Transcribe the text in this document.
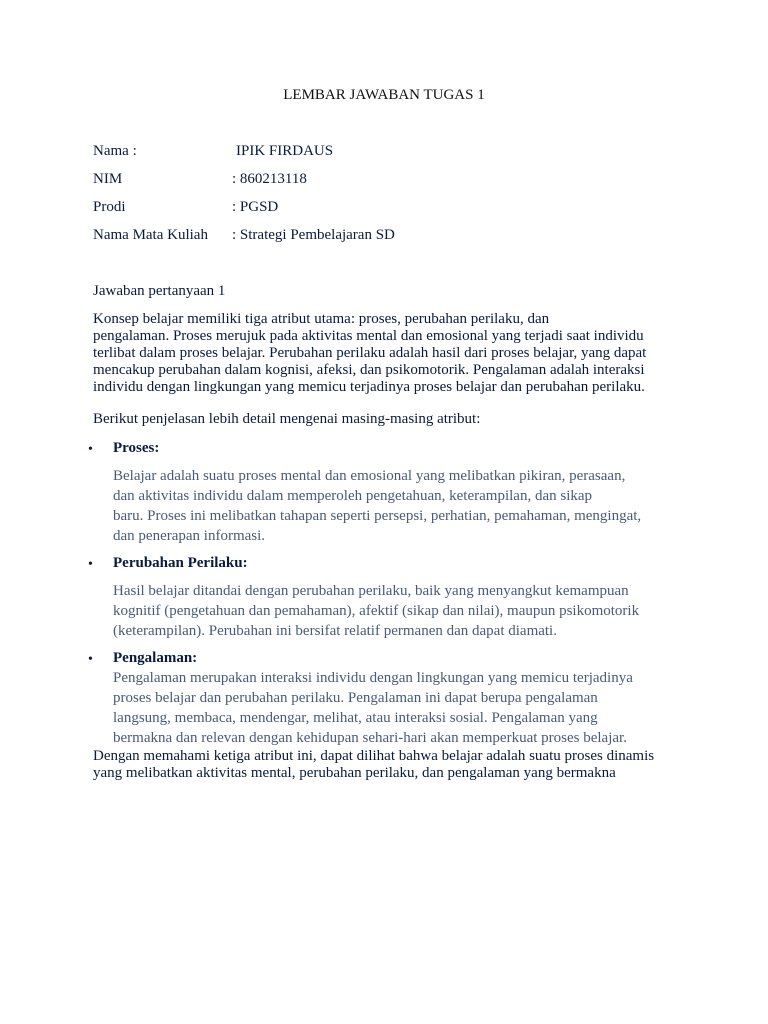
LEMBAR JAWABAN TUGAS 1
Nama :	IPIK FIRDAUS
NIM	: 860213118
Prodi	: PGSD
Nama Mata Kuliah : Strategi Pembelajaran SD
Jawaban pertanyaan 1

Konsep belajar memiliki tiga atribut utama: proses, perubahan perilaku, dan

pengalaman. Proses merujuk pada aktivitas mental dan emosional yang terjadi saat individu

terlibat dalam proses belajar. Perubahan perilaku adalah hasil dari proses belajar, yang dapat

mencakup perubahan dalam kognisi, afeksi, dan psikomotorik. Pengalaman adalah interaksi

individu dengan lingkungan yang memicu terjadinya proses belajar dan perubahan perilaku.

Berikut penjelasan lebih detail mengenai masing-masing atribut:
• Proses:

Belajar adalah suatu proses mental dan emosional yang melibatkan pikiran, perasaan,

dan aktivitas individu dalam memperoleh pengetahuan, keterampilan, dan sikap

baru. Proses ini melibatkan tahapan seperti persepsi, perhatian, pemahaman, mengingat,

dan penerapan informasi.

• Perubahan Perilaku:

Hasil belajar ditandai dengan perubahan perilaku, baik yang menyangkut kemampuan

kognitif (pengetahuan dan pemahaman), afektif (sikap dan nilai), maupun psikomotorik

(keterampilan). Perubahan ini bersifat relatif permanen dan dapat diamati.

• Pengalaman:

Pengalaman merupakan interaksi individu dengan lingkungan yang memicu terjadinya

proses belajar dan perubahan perilaku. Pengalaman ini dapat berupa pengalaman

langsung, membaca, mendengar, melihat, atau interaksi sosial. Pengalaman yang

bermakna dan relevan dengan kehidupan sehari-hari akan memperkuat proses belajar.

Dengan memahami ketiga atribut ini, dapat dilihat bahwa belajar adalah suatu proses dinamis

yang melibatkan aktivitas mental, perubahan perilaku, dan pengalaman yang bermakna
